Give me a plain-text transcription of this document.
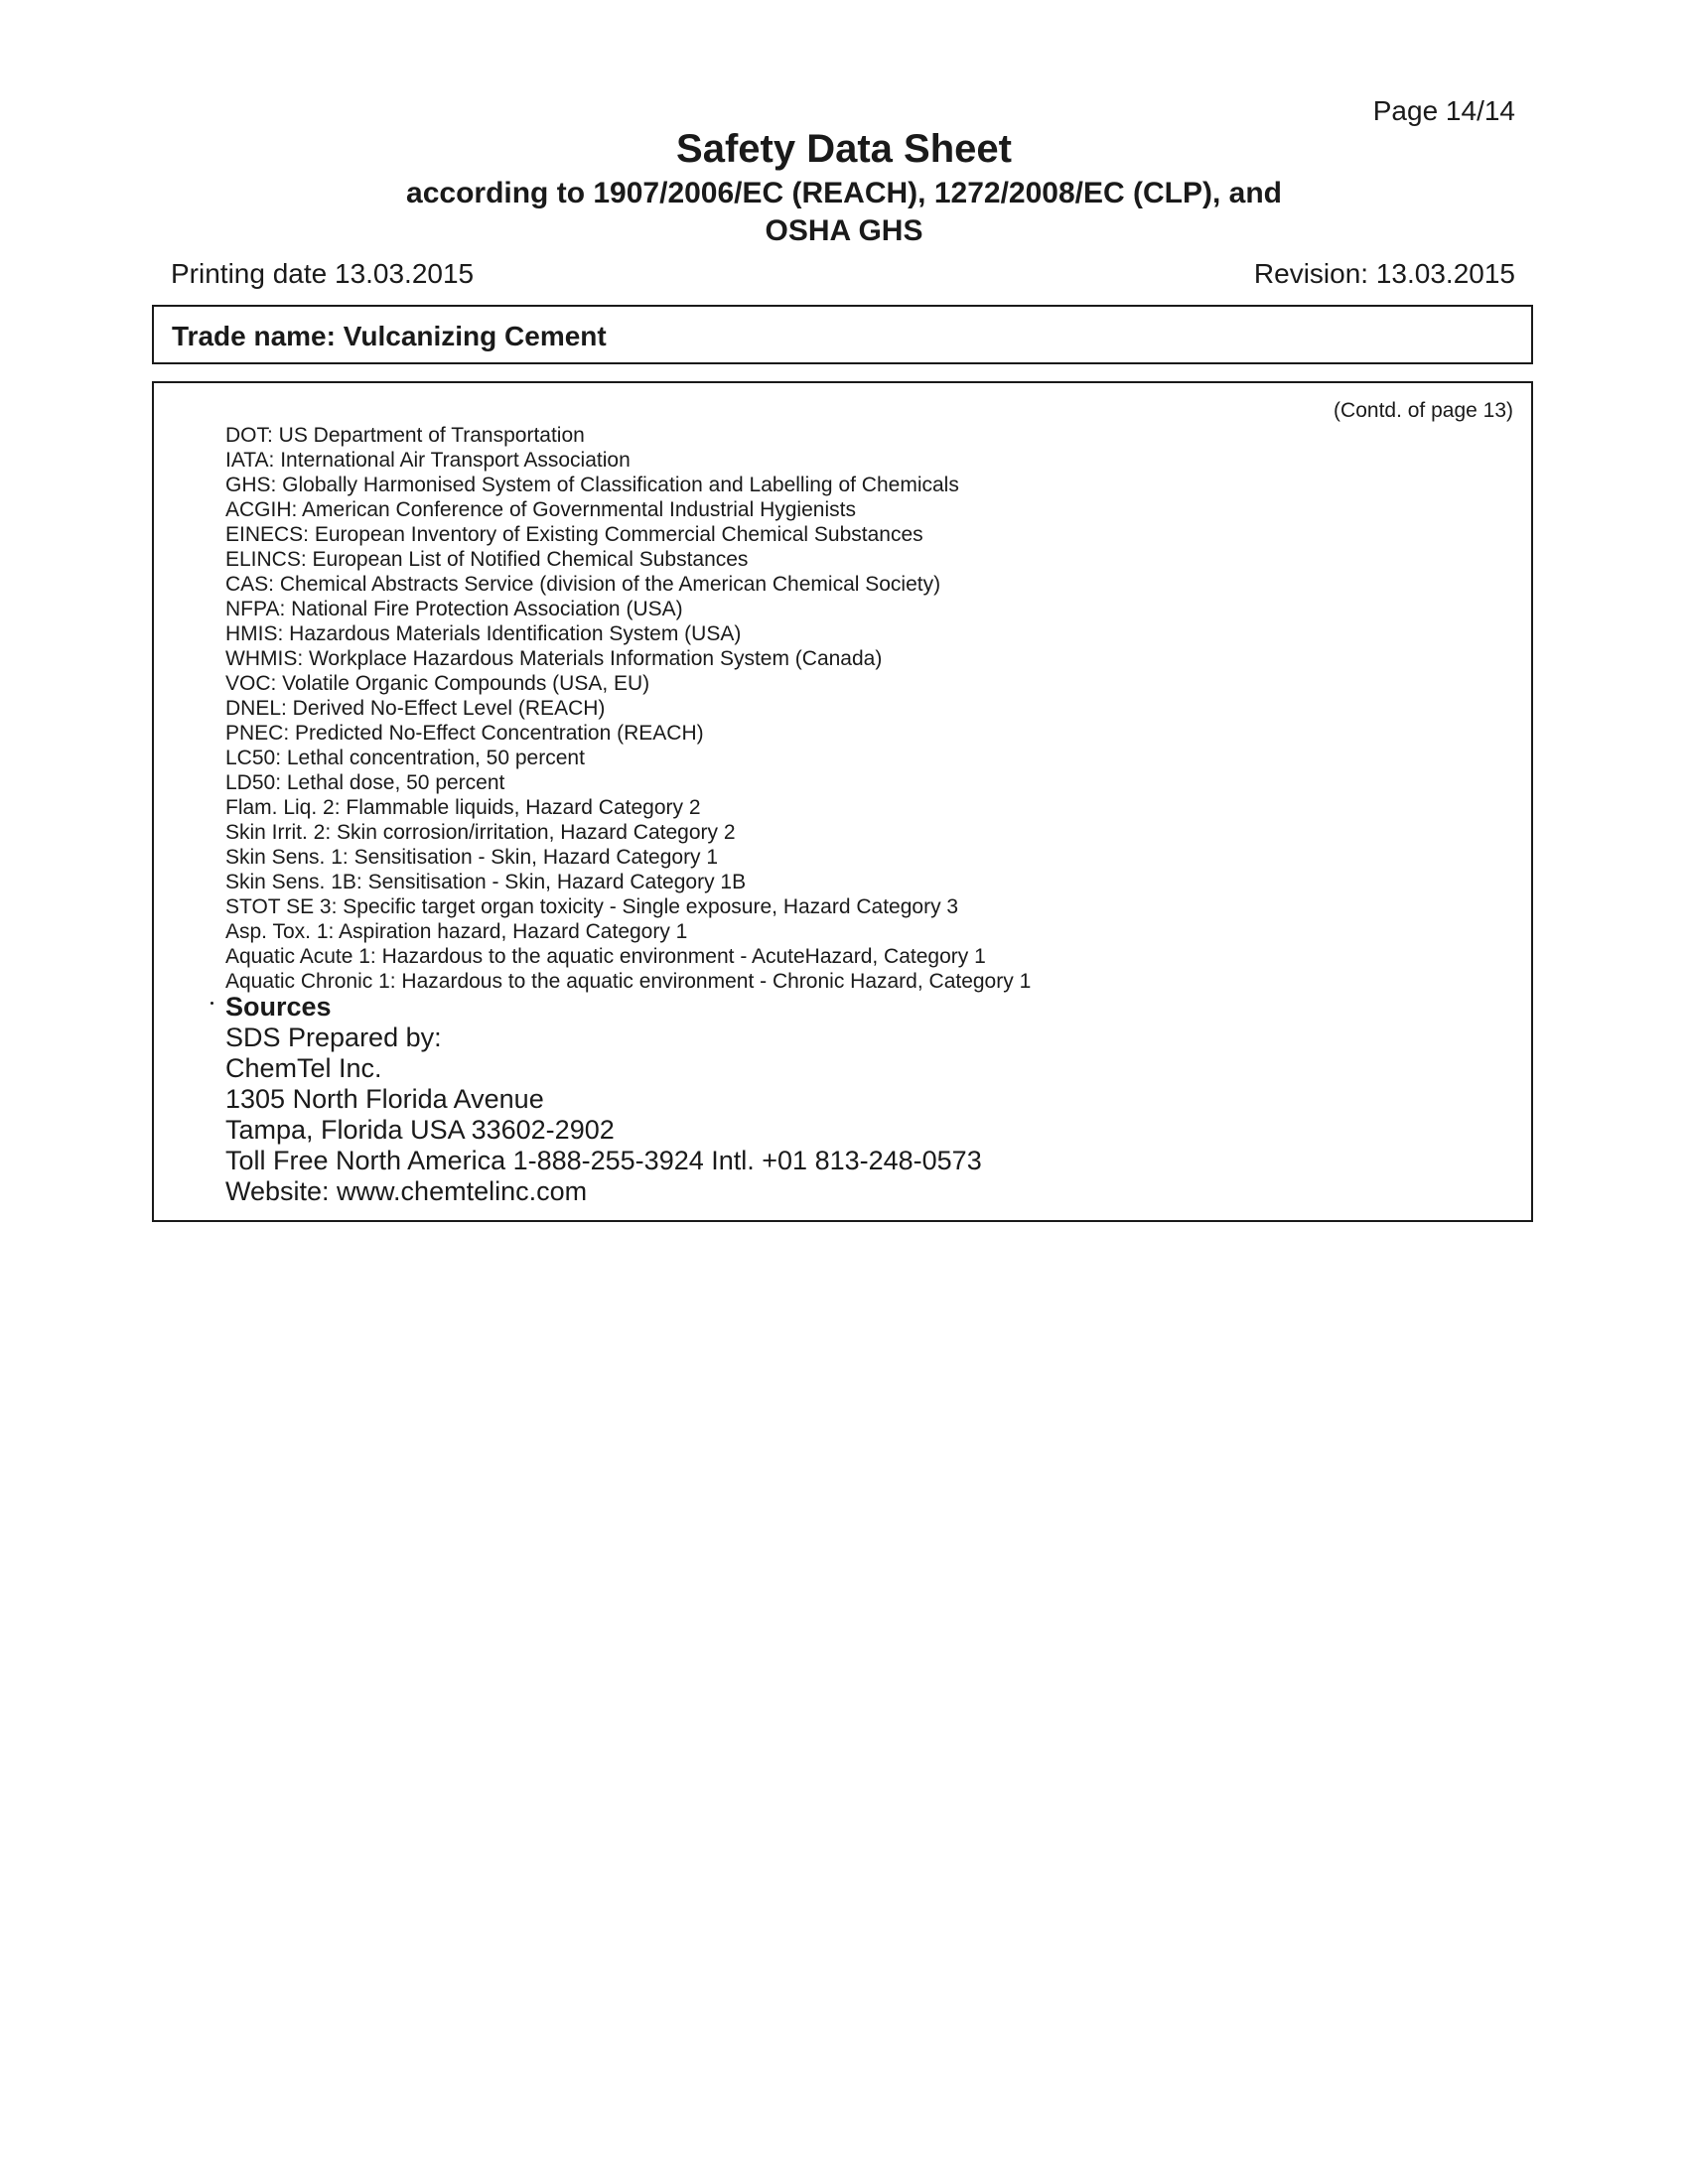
Page 14/14
Safety Data Sheet
according to 1907/2006/EC (REACH), 1272/2008/EC (CLP), and
OSHA GHS
Printing date 13.03.2015	Revision: 13.03.2015
Trade name: Vulcanizing Cement
(Contd. of page 13)
DOT: US Department of Transportation
IATA: International Air Transport Association
GHS: Globally Harmonised System of Classification and Labelling of Chemicals
ACGIH: American Conference of Governmental Industrial Hygienists
EINECS: European Inventory of Existing Commercial Chemical Substances
ELINCS: European List of Notified Chemical Substances
CAS: Chemical Abstracts Service (division of the American Chemical Society)
NFPA: National Fire Protection Association (USA)
HMIS: Hazardous Materials Identification System (USA)
WHMIS: Workplace Hazardous Materials Information System (Canada)
VOC: Volatile Organic Compounds (USA, EU)
DNEL: Derived No-Effect Level (REACH)
PNEC: Predicted No-Effect Concentration (REACH)
LC50: Lethal concentration, 50 percent
LD50: Lethal dose, 50 percent
Flam. Liq. 2: Flammable liquids, Hazard Category 2
Skin Irrit. 2: Skin corrosion/irritation, Hazard Category 2
Skin Sens. 1: Sensitisation - Skin, Hazard Category 1
Skin Sens. 1B: Sensitisation - Skin, Hazard Category 1B
STOT SE 3: Specific target organ toxicity - Single exposure, Hazard Category 3
Asp. Tox. 1: Aspiration hazard, Hazard Category 1
Aquatic Acute 1: Hazardous to the aquatic environment - AcuteHazard, Category 1
Aquatic Chronic 1: Hazardous to the aquatic environment - Chronic Hazard, Category 1
Sources
SDS Prepared by:
ChemTel Inc.
1305 North Florida Avenue
Tampa, Florida USA 33602-2902
Toll Free North America 1-888-255-3924 Intl. +01 813-248-0573
Website: www.chemtelinc.com
